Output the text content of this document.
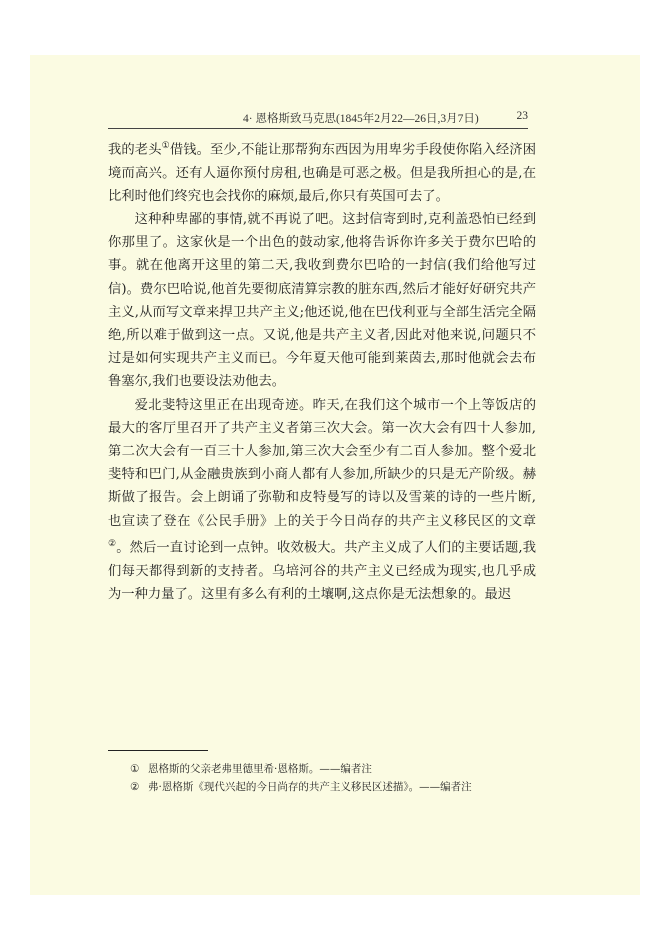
4· 恩格斯致马克思(1845年2月22—26日,3月7日)	23

我的老头①借钱。至少,不能让那帮狗东西因为用卑劣手段使你陷入经济困境而高兴。还有人逼你预付房租,也确是可恶之极。但是我所担心的是,在比利时他们终究也会找你的麻烦,最后,你只有英国可去了。

这种种卑鄙的事情,就不再说了吧。这封信寄到时,克利盖恐怕已经到你那里了。这家伙是一个出色的鼓动家,他将告诉你许多关于费尔巴哈的事。就在他离开这里的第二天,我收到费尔巴哈的一封信(我们给他写过信)。费尔巴哈说,他首先要彻底清算宗教的脏东西,然后才能好好研究共产主义,从而写文章来捍卫共产主义;他还说,他在巴伐利亚与全部生活完全隔绝,所以难于做到这一点。又说,他是共产主义者,因此对他来说,问题只不过是如何实现共产主义而已。今年夏天他可能到莱茵去,那时他就会去布鲁塞尔,我们也要设法劝他去。

爱北斐特这里正在出现奇迹。昨天,在我们这个城市一个上等饭店的最大的客厅里召开了共产主义者第三次大会。第一次大会有四十人参加,第二次大会有一百三十人参加,第三次大会至少有二百人参加。整个爱北斐特和巴门,从金融贵族到小商人都有人参加,所缺少的只是无产阶级。赫斯做了报告。会上朗诵了弥勒和皮特曼写的诗以及雪莱的诗的一些片断,也宣读了登在《公民手册》上的关于今日尚存的共产主义移民区的文章②。然后一直讨论到一点钟。收效极大。共产主义成了人们的主要话题,我们每天都得到新的支持者。乌培河谷的共产主义已经成为现实,也几乎成为一种力量了。这里有多么有利的土壤啊,这点你是无法想象的。最迟

① 恩格斯的父亲老弗里德里希·恩格斯。——编者注
② 弗·恩格斯《现代兴起的今日尚存的共产主义移民区述描》。——编者注
